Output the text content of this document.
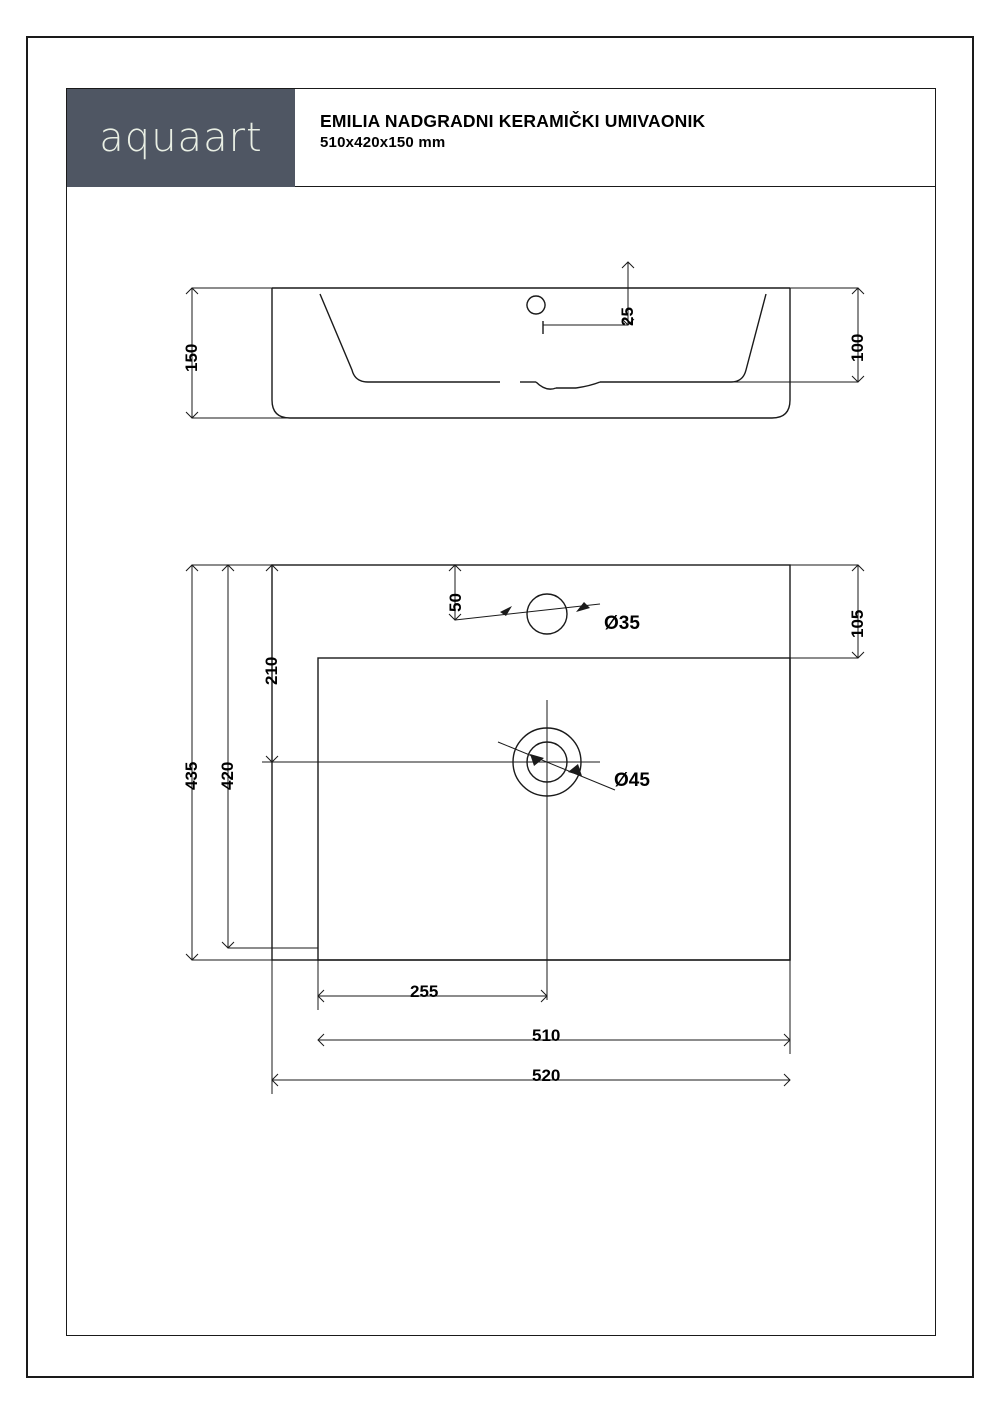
aquaart	EMILIA NADGRADNI KERAMIČKI UMIVAONIK
510x420x150 mm
150	100
25
435 420
210
50
105
255
510
520
Ø35
Ø45
